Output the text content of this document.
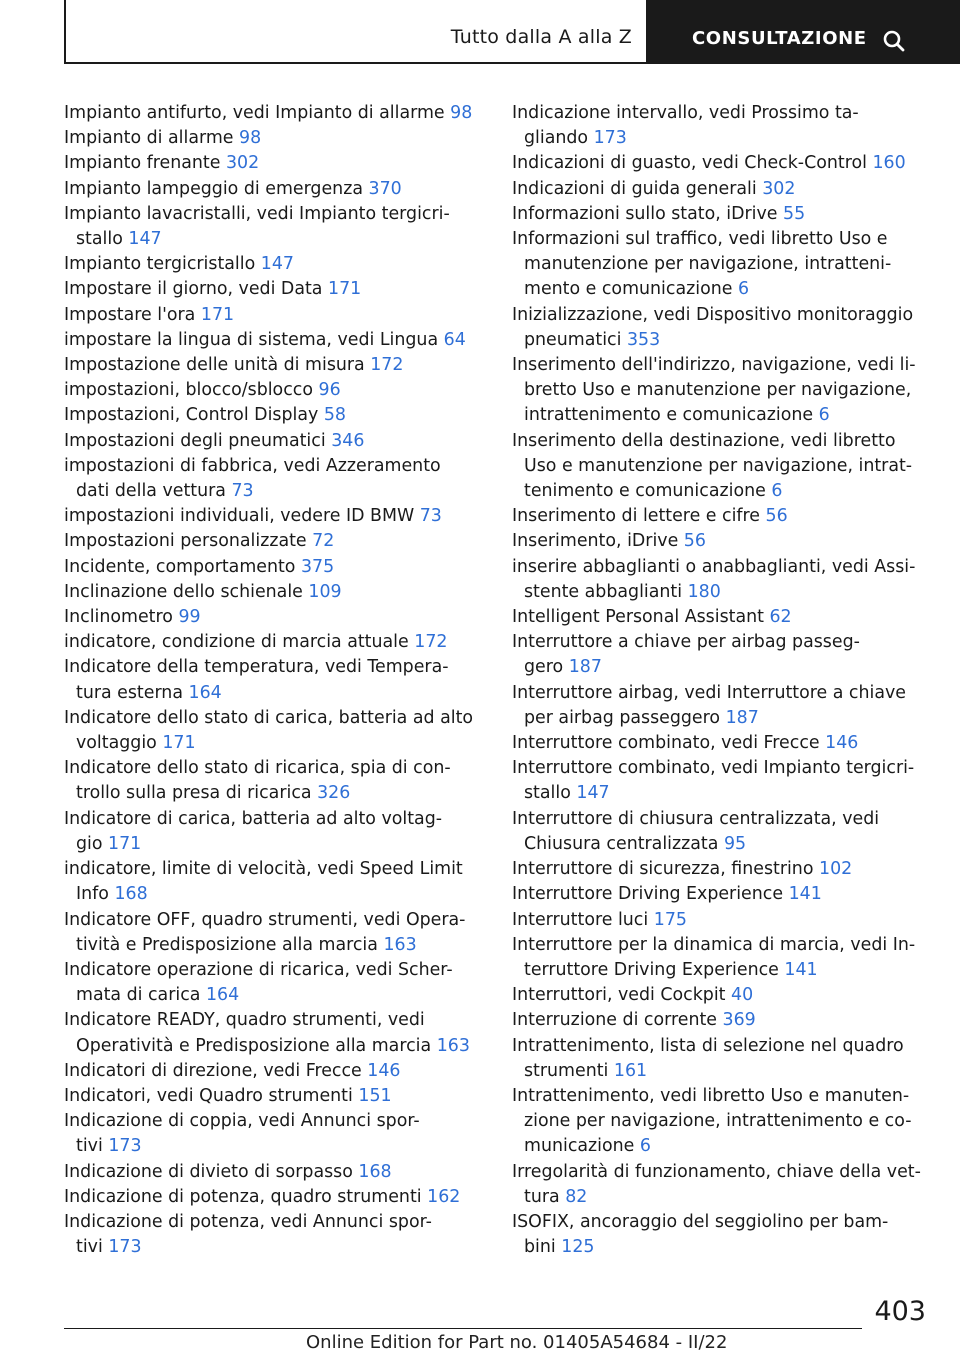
Tutto dalla A alla Z	CONSULTAZIONE
Impianto antifurto, vedi Impianto di allarme 98
Impianto di allarme 98
Impianto frenante 302
Impianto lampeggio di emergenza 370
Impianto lavacristalli, vedi Impianto tergicri-
stallo 147
Impianto tergicristallo 147
Impostare il giorno, vedi Data 171
Impostare l'ora 171
impostare la lingua di sistema, vedi Lingua 64
Impostazione delle unità di misura 172
impostazioni, blocco/sblocco 96
Impostazioni, Control Display 58
Impostazioni degli pneumatici 346
impostazioni di fabbrica, vedi Azzeramento
dati della vettura 73
impostazioni individuali, vedere ID BMW 73
Impostazioni personalizzate 72
Incidente, comportamento 375
Inclinazione dello schienale 109
Inclinometro 99
indicatore, condizione di marcia attuale 172
Indicatore della temperatura, vedi Tempera-
tura esterna 164
Indicatore dello stato di carica, batteria ad alto
voltaggio 171
Indicatore dello stato di ricarica, spia di con-
trollo sulla presa di ricarica 326
Indicatore di carica, batteria ad alto voltag-
gio 171
indicatore, limite di velocità, vedi Speed Limit
Info 168
Indicatore OFF, quadro strumenti, vedi Opera-
tività e Predisposizione alla marcia 163
Indicatore operazione di ricarica, vedi Scher-
mata di carica 164
Indicatore READY, quadro strumenti, vedi
Operatività e Predisposizione alla marcia 163
Indicatori di direzione, vedi Frecce 146
Indicatori, vedi Quadro strumenti 151
Indicazione di coppia, vedi Annunci spor-
tivi 173
Indicazione di divieto di sorpasso 168
Indicazione di potenza, quadro strumenti 162
Indicazione di potenza, vedi Annunci spor-
tivi 173
Indicazione intervallo, vedi Prossimo ta-
gliando 173
Indicazioni di guasto, vedi Check-Control 160
Indicazioni di guida generali 302
Informazioni sullo stato, iDrive 55
Informazioni sul traffico, vedi libretto Uso e
manutenzione per navigazione, intratteni-
mento e comunicazione 6
Inizializzazione, vedi Dispositivo monitoraggio
pneumatici 353
Inserimento dell'indirizzo, navigazione, vedi li-
bretto Uso e manutenzione per navigazione,
intrattenimento e comunicazione 6
Inserimento della destinazione, vedi libretto
Uso e manutenzione per navigazione, intrat-
tenimento e comunicazione 6
Inserimento di lettere e cifre 56
Inserimento, iDrive 56
inserire abbaglianti o anabbaglianti, vedi Assi-
stente abbaglianti 180
Intelligent Personal Assistant 62
Interruttore a chiave per airbag passeg-
gero 187
Interruttore airbag, vedi Interruttore a chiave
per airbag passeggero 187
Interruttore combinato, vedi Frecce 146
Interruttore combinato, vedi Impianto tergicri-
stallo 147
Interruttore di chiusura centralizzata, vedi
Chiusura centralizzata 95
Interruttore di sicurezza, finestrino 102
Interruttore Driving Experience 141
Interruttore luci 175
Interruttore per la dinamica di marcia, vedi In-
terruttore Driving Experience 141
Interruttori, vedi Cockpit 40
Interruzione di corrente 369
Intrattenimento, lista di selezione nel quadro
strumenti 161
Intrattenimento, vedi libretto Uso e manuten-
zione per navigazione, intrattenimento e co-
municazione 6
Irregolarità di funzionamento, chiave della vet-
tura 82
ISOFIX, ancoraggio del seggiolino per bam-
bini 125
403
Online Edition for Part no. 01405A54684 - II/22
